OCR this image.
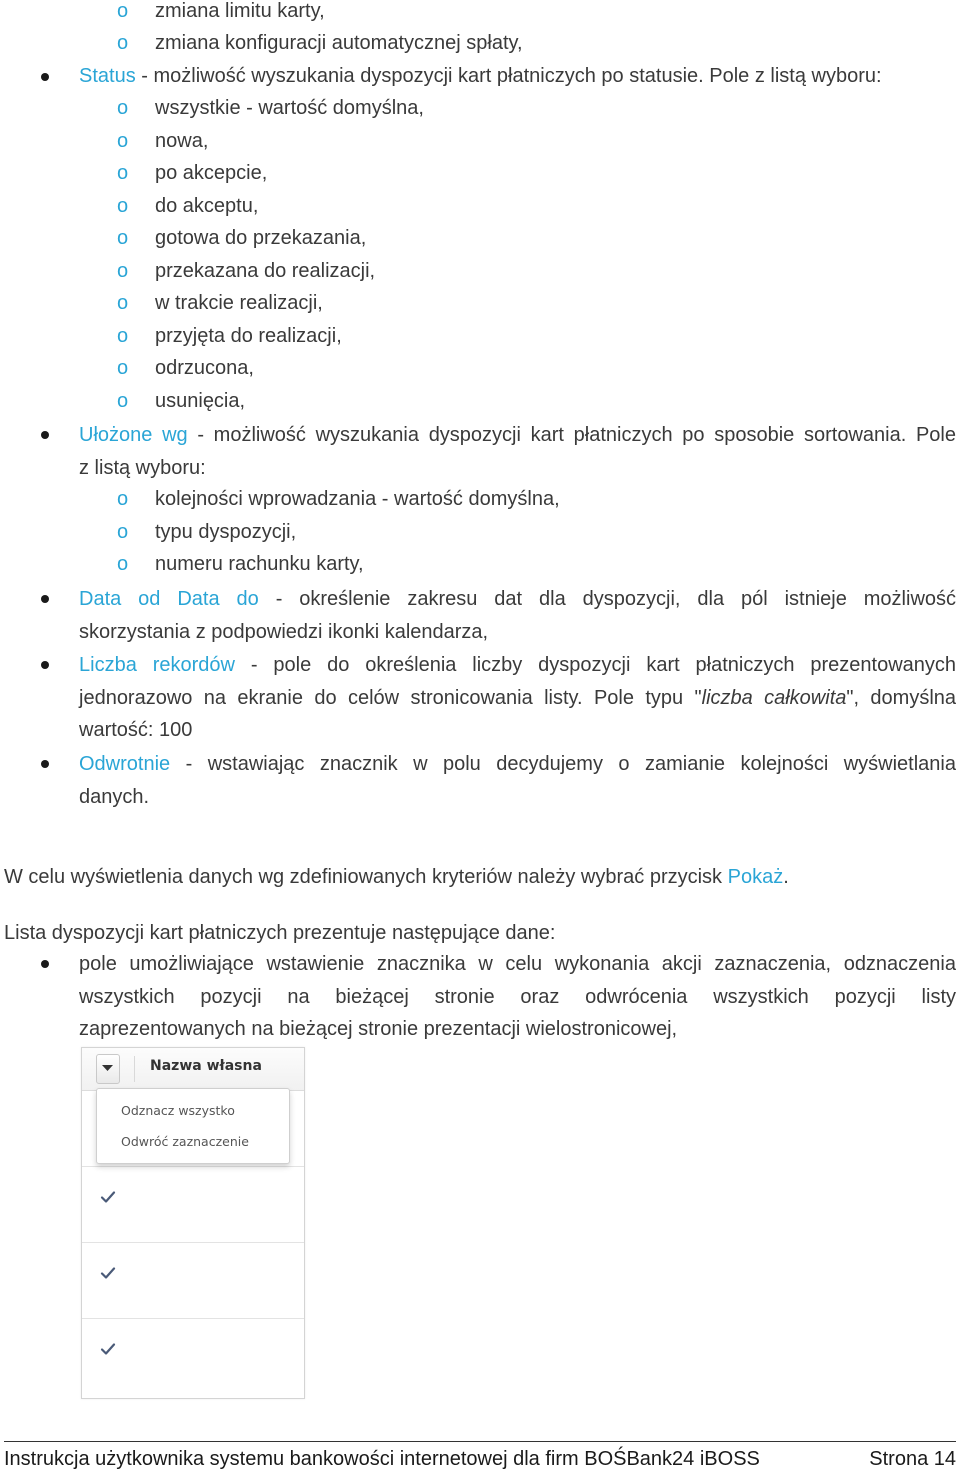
o zmiana limitu karty,
o zmiana konfiguracji automatycznej spłaty,
Status - możliwość wyszukania dyspozycji kart płatniczych po statusie. Pole z listą wyboru:
o wszystkie - wartość domyślna,
o nowa,
o po akcepcie,
o do akceptu,
o gotowa do przekazania,
o przekazana do realizacji,
o w trakcie realizacji,
o przyjęta do realizacji,
o odrzucona,
o usunięcia,
Ułożone wg - możliwość wyszukania dyspozycji kart płatniczych po sposobie sortowania. Pole
z listą wyboru:
o kolejności wprowadzania - wartość domyślna,
o typu dyspozycji,
o numeru rachunku karty,
Data od Data do - określenie zakresu dat dla dyspozycji, dla pól istnieje możliwość
skorzystania z podpowiedzi ikonki kalendarza,
Liczba rekordów - pole do określenia liczby dyspozycji kart płatniczych prezentowanych
jednorazowo na ekranie do celów stronicowania listy. Pole typu "liczba całkowita", domyślna
wartość: 100
Odwrotnie - wstawiając znacznik w polu decydujemy o zamianie kolejności wyświetlania
danych.
W celu wyświetlenia danych wg zdefiniowanych kryteriów należy wybrać przycisk Pokaż.
Lista dyspozycji kart płatniczych prezentuje następujące dane:
pole umożliwiające wstawienie znacznika w celu wykonania akcji zaznaczenia, odznaczenia
wszystkich pozycji na bieżącej stronie oraz odwrócenia wszystkich pozycji listy
zaprezentowanych na bieżącej stronie prezentacji wielostronicowej,
Nazwa własna
Odznacz wszystko
Odwróć zaznaczenie
Instrukcja użytkownika systemu bankowości internetowej dla firm BOŚBank24 iBOSS	Strona 14
